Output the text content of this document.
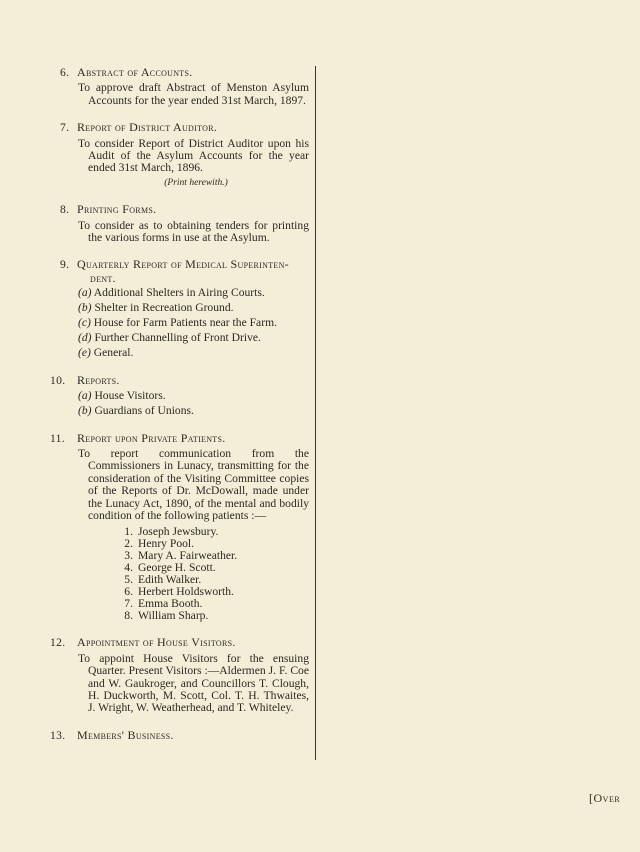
6. Abstract of Accounts.
To approve draft Abstract of Menston Asylum Accounts for the year ended 31st March, 1897.
7. Report of District Auditor.
To consider Report of District Auditor upon his Audit of the Asylum Accounts for the year ended 31st March, 1896.
(Print herewith.)
8. Printing Forms.
To consider as to obtaining tenders for printing the various forms in use at the Asylum.
9. Quarterly Report of Medical Superinten-
dent.
(a) Additional Shelters in Airing Courts.
(b) Shelter in Recreation Ground.
(c) House for Farm Patients near the Farm.
(d) Further Channelling of Front Drive.
(e) General.
10. Reports.
(a) House Visitors.
(b) Guardians of Unions.
11.	Report upon Private Patients.
To report communication from the Commissioners in Lunacy, transmitting for the consideration of the Visiting Committee copies of the Reports of Dr. McDowall, made under the Lunacy Act, 1890, of the mental and bodily condition of the following patients :—
1. Joseph Jewsbury.
2. Henry Pool.
3. Mary A. Fairweather.
4. George H. Scott.
5. Edith Walker.
6. Herbert Holdsworth.
7. Emma Booth.
8. William Sharp.
12. Appointment of House Visitors.
To appoint House Visitors for the ensuing Quarter. Present Visitors :—Aldermen J. F. Coe and W. Gaukroger, and Councillors T. Clough, H. Duckworth, M. Scott, Col. T. H. Thwaites, J. Wright, W. Weatherhead, and T. Whiteley.
13. Members' Business.
[Over
